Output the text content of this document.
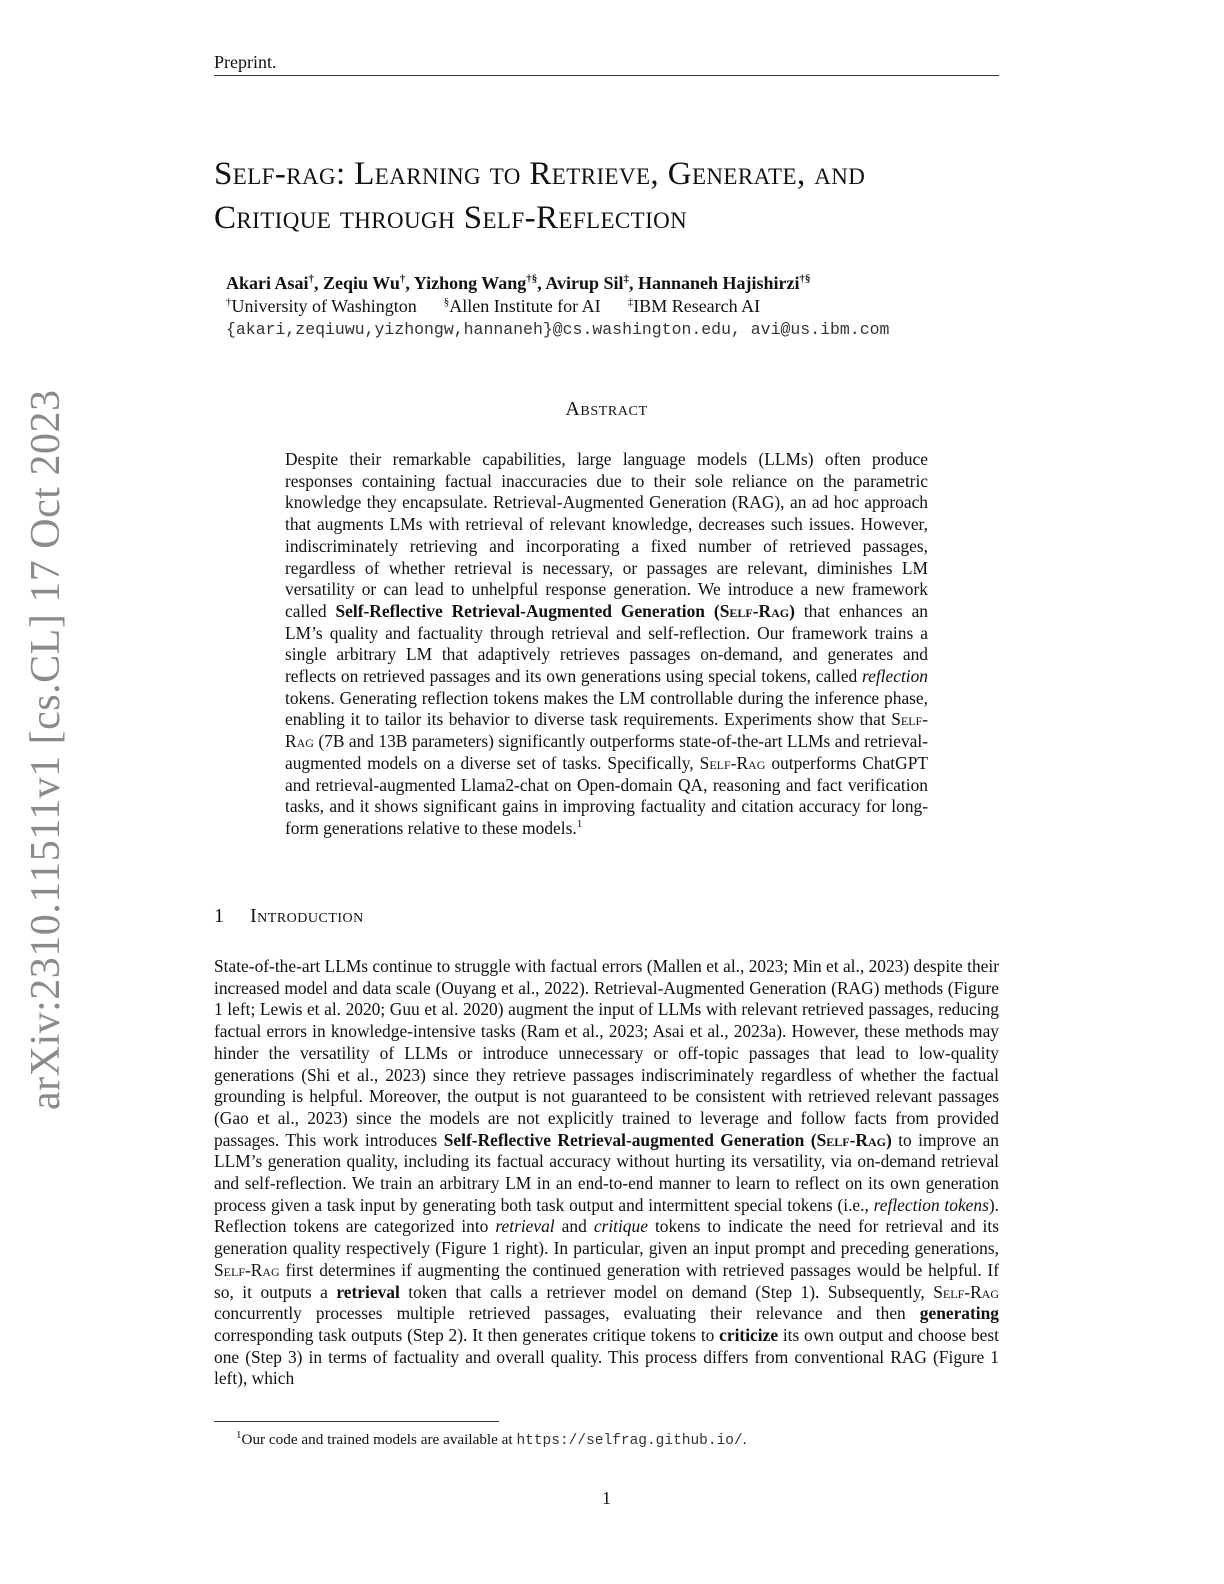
Preprint.
arXiv:2310.11511v1 [cs.CL] 17 Oct 2023
Self-rag: Learning to Retrieve, Generate, and
Critique through Self-Reflection
Akari Asai†, Zeqiu Wu†, Yizhong Wang†§, Avirup Sil‡, Hannaneh Hajishirzi†§
†University of Washington §Allen Institute for AI ‡IBM Research AI
{akari,zeqiuwu,yizhongw,hannaneh}@cs.washington.edu, avi@us.ibm.com
Abstract
Despite their remarkable capabilities, large language models (LLMs) often produce responses containing factual inaccuracies due to their sole reliance on the parametric knowledge they encapsulate. Retrieval-Augmented Generation (RAG), an ad hoc approach that augments LMs with retrieval of relevant knowledge, decreases such issues. However, indiscriminately retrieving and incorporating a fixed number of retrieved passages, regardless of whether retrieval is necessary, or passages are relevant, diminishes LM versatility or can lead to unhelpful response generation. We introduce a new framework called Self-Reflective Retrieval-Augmented Generation (Self-Rag) that enhances an LM’s quality and factuality through retrieval and self-reflection. Our framework trains a single arbitrary LM that adaptively retrieves passages on-demand, and generates and reflects on retrieved passages and its own generations using special tokens, called reflection tokens. Generating reflection tokens makes the LM controllable during the inference phase, enabling it to tailor its behavior to diverse task requirements. Experiments show that Self-Rag (7B and 13B parameters) significantly outperforms state-of-the-art LLMs and retrieval-augmented models on a diverse set of tasks. Specifically, Self-Rag outperforms ChatGPT and retrieval-augmented Llama2-chat on Open-domain QA, reasoning and fact verification tasks, and it shows significant gains in improving factuality and citation accuracy for long-form generations relative to these models.$^1$
1 Introduction
State-of-the-art LLMs continue to struggle with factual errors (Mallen et al., 2023; Min et al., 2023) despite their increased model and data scale (Ouyang et al., 2022). Retrieval-Augmented Generation (RAG) methods (Figure 1 left; Lewis et al. 2020; Guu et al. 2020) augment the input of LLMs with relevant retrieved passages, reducing factual errors in knowledge-intensive tasks (Ram et al., 2023; Asai et al., 2023a). However, these methods may hinder the versatility of LLMs or introduce unnecessary or off-topic passages that lead to low-quality generations (Shi et al., 2023) since they retrieve passages indiscriminately regardless of whether the factual grounding is helpful. Moreover, the output is not guaranteed to be consistent with retrieved relevant passages (Gao et al., 2023) since the models are not explicitly trained to leverage and follow facts from provided passages. This work introduces Self-Reflective Retrieval-augmented Generation (Self-Rag) to improve an LLM’s generation quality, including its factual accuracy without hurting its versatility, via on-demand retrieval and self-reflection. We train an arbitrary LM in an end-to-end manner to learn to reflect on its own generation process given a task input by generating both task output and intermittent special tokens (i.e., reflection tokens). Reflection tokens are categorized into retrieval and critique tokens to indicate the need for retrieval and its generation quality respectively (Figure 1 right). In particular, given an input prompt and preceding generations, Self-Rag first determines if augmenting the continued generation with retrieved passages would be helpful. If so, it outputs a retrieval token that calls a retriever model on demand (Step 1). Subsequently, Self-Rag concurrently processes multiple retrieved passages, evaluating their relevance and then generating corresponding task outputs (Step 2). It then generates critique tokens to criticize its own output and choose best one (Step 3) in terms of factuality and overall quality. This process differs from conventional RAG (Figure 1 left), which
$^1$Our code and trained models are available at https://selfrag.github.io/.
1
